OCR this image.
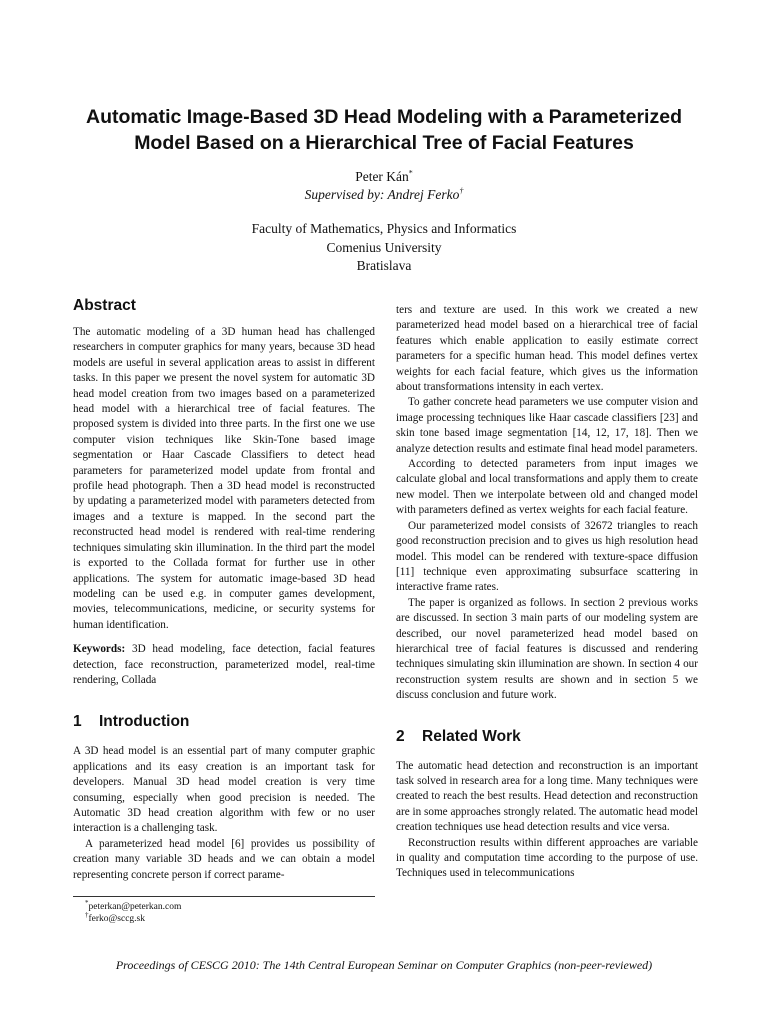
Automatic Image-Based 3D Head Modeling with a Parameterized Model Based on a Hierarchical Tree of Facial Features
Peter Kán*
Supervised by: Andrej Ferko†
Faculty of Mathematics, Physics and Informatics
Comenius University
Bratislava
Abstract

The automatic modeling of a 3D human head has challenged researchers in computer graphics for many years, because 3D head models are useful in several application areas to assist in different tasks. In this paper we present the novel system for automatic 3D head model creation from two images based on a parameterized head model with a hierarchical tree of facial features. The proposed system is divided into three parts. In the first one we use computer vision techniques like Skin-Tone based image segmentation or Haar Cascade Classifiers to detect head parameters for parameterized model update from frontal and profile head photograph. Then a 3D head model is reconstructed by updating a parameterized model with parameters detected from images and a texture is mapped. In the second part the reconstructed head model is rendered with real-time rendering techniques simulating skin illumination. In the third part the model is exported to the Collada format for further use in other applications. The system for automatic image-based 3D head modeling can be used e.g. in computer games development, movies, telecommunications, medicine, or security systems for human identification.

Keywords: 3D head modeling, face detection, facial features detection, face reconstruction, parameterized model, real-time rendering, Collada

1 Introduction

A 3D head model is an essential part of many computer graphic applications and its easy creation is an important task for developers. Manual 3D head model creation is very time consuming, especially when good precision is needed. The Automatic 3D head creation algorithm with few or no user interaction is a challenging task.

A parameterized head model [6] provides us possibility of creation many variable 3D heads and we can obtain a model representing concrete person if correct parame-

ters and texture are used. In this work we created a new parameterized head model based on a hierarchical tree of facial features which enable application to easily estimate correct parameters for a specific human head. This model defines vertex weights for each facial feature, which gives us the information about transformations intensity in each vertex.

To gather concrete head parameters we use computer vision and image processing techniques like Haar cascade classifiers [23] and skin tone based image segmentation [14, 12, 17, 18]. Then we analyze detection results and estimate final head model parameters.

According to detected parameters from input images we calculate global and local transformations and apply them to create new model. Then we interpolate between old and changed model with parameters defined as vertex weights for each facial feature.

Our parameterized model consists of 32672 triangles to reach good reconstruction precision and to gives us high resolution head model. This model can be rendered with texture-space diffusion [11] technique even approximating subsurface scattering in interactive frame rates.

The paper is organized as follows. In section 2 previous works are discussed. In section 3 main parts of our modeling system are described, our novel parameterized head model based on hierarchical tree of facial features is discussed and rendering techniques simulating skin illumination are shown. In section 4 our reconstruction system results are shown and in section 5 we discuss conclusion and future work.

2 Related Work

The automatic head detection and reconstruction is an important task solved in research area for a long time. Many techniques were created to reach the best results. Head detection and reconstruction are in some approaches strongly related. The automatic head model creation techniques use head detection results and vice versa.

Reconstruction results within different approaches are variable in quality and computation time according to the purpose of use. Techniques used in telecommunications

*peterkan@peterkan.com
†ferko@sccg.sk
Proceedings of CESCG 2010: The 14th Central European Seminar on Computer Graphics (non-peer-reviewed)
